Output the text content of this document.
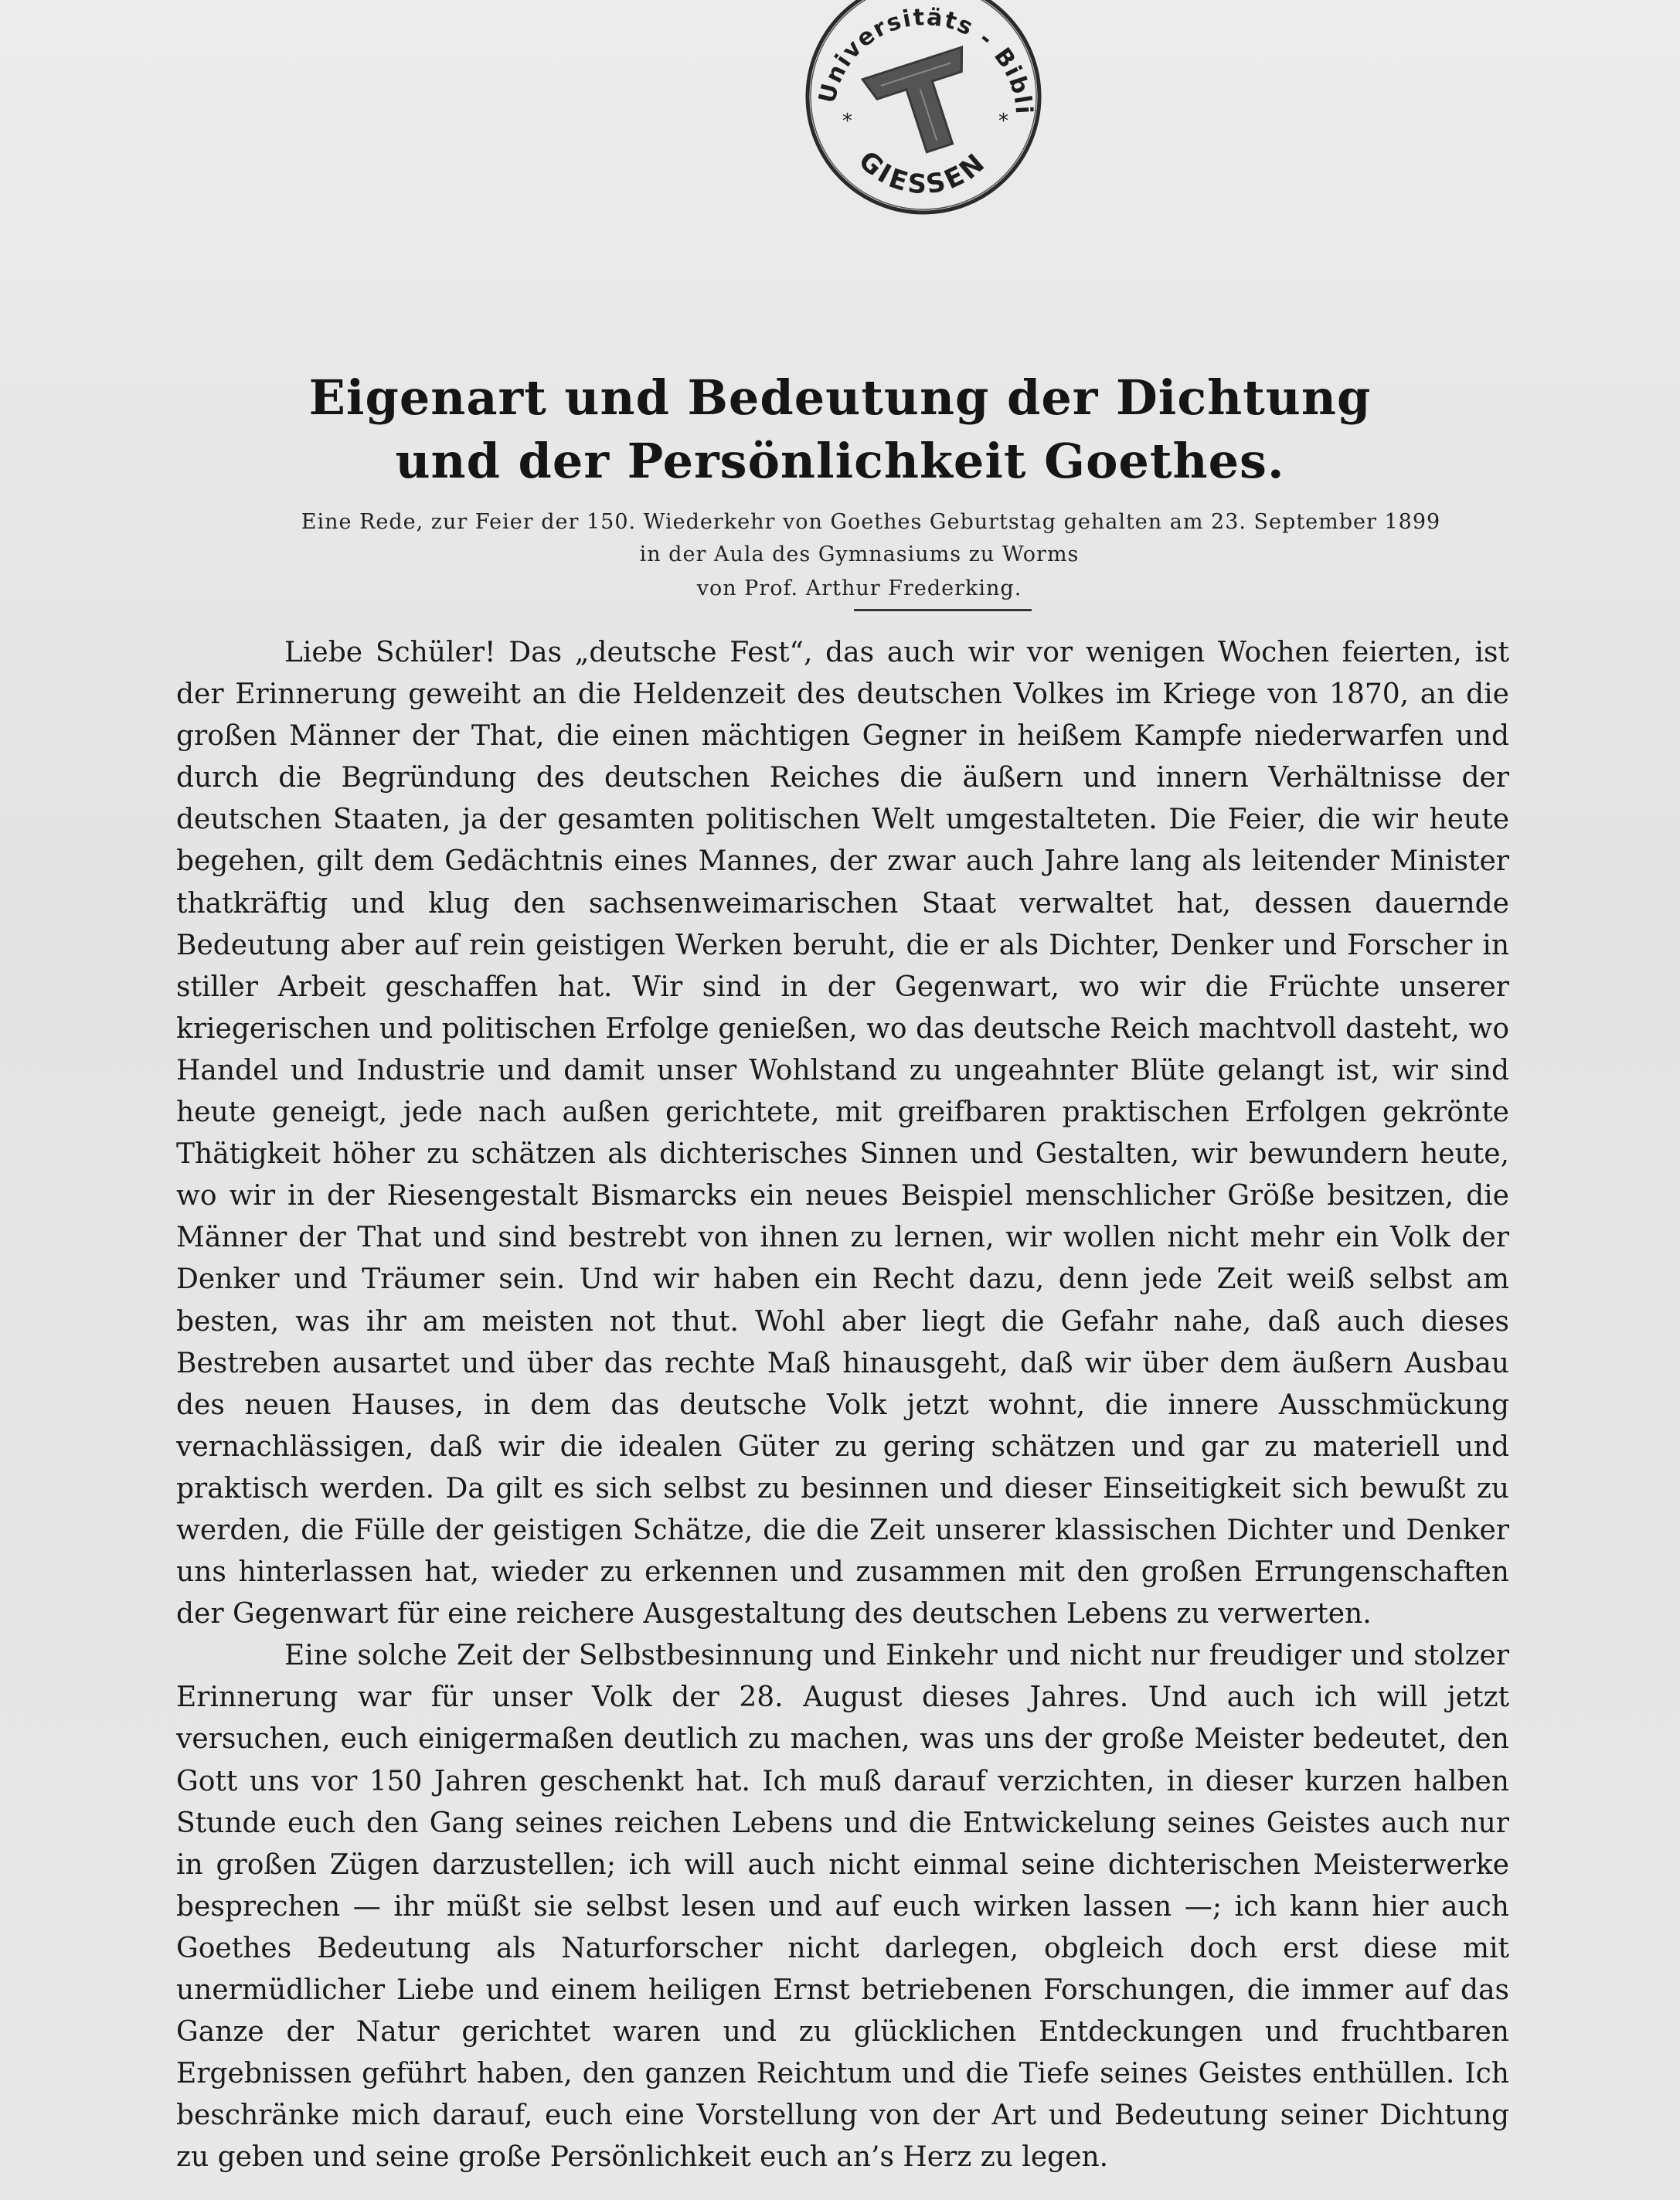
Universitäts - Bibli
GIESSEN
*	*
Eigenart und Bedeutung der Dichtung
und der Persönlichkeit Goethes.
Eine Rede, zur Feier der 150. Wiederkehr von Goethes Geburtstag gehalten am 23. September 1899
in der Aula des Gymnasiums zu Worms
von Prof. Arthur Frederking.

Liebe Schüler! Das „deutsche Fest“, das auch wir vor wenigen Wochen feierten, ist der Erinnerung geweiht an die Heldenzeit des deutschen Volkes im Kriege von 1870, an die großen Männer der That, die einen mächtigen Gegner in heißem Kampfe niederwarfen und durch die Begründung des deutschen Reiches die äußern und innern Verhältnisse der deutschen Staaten, ja der gesamten politischen Welt umgestalteten. Die Feier, die wir heute begehen, gilt dem Gedächtnis eines Mannes, der zwar auch Jahre lang als leitender Minister thatkräftig und klug den sachsenweimarischen Staat verwaltet hat, dessen dauernde Bedeutung aber auf rein geistigen Werken beruht, die er als Dichter, Denker und Forscher in stiller Arbeit geschaffen hat. Wir sind in der Gegenwart, wo wir die Früchte unserer kriegerischen und politischen Erfolge genießen, wo das deutsche Reich machtvoll dasteht, wo Handel und Industrie und damit unser Wohlstand zu ungeahnter Blüte gelangt ist, wir sind heute geneigt, jede nach außen gerichtete, mit greifbaren praktischen Erfolgen gekrönte Thätigkeit höher zu schätzen als dichterisches Sinnen und Gestalten, wir bewundern heute, wo wir in der Riesengestalt Bismarcks ein neues Beispiel menschlicher Größe besitzen, die Männer der That und sind bestrebt von ihnen zu lernen, wir wollen nicht mehr ein Volk der Denker und Träumer sein. Und wir haben ein Recht dazu, denn jede Zeit weiß selbst am besten, was ihr am meisten not thut. Wohl aber liegt die Gefahr nahe, daß auch dieses Bestreben ausartet und über das rechte Maß hinausgeht, daß wir über dem äußern Ausbau des neuen Hauses, in dem das deutsche Volk jetzt wohnt, die innere Ausschmückung vernachlässigen, daß wir die idealen Güter zu gering schätzen und gar zu materiell und praktisch werden. Da gilt es sich selbst zu besinnen und dieser Einseitigkeit sich bewußt zu werden, die Fülle der geistigen Schätze, die die Zeit unserer klassischen Dichter und Denker uns hinterlassen hat, wieder zu erkennen und zusammen mit den großen Errungenschaften der Gegenwart für eine reichere Ausgestaltung des deutschen Lebens zu verwerten.

Eine solche Zeit der Selbstbesinnung und Einkehr und nicht nur freudiger und stolzer Erinnerung war für unser Volk der 28. August dieses Jahres. Und auch ich will jetzt versuchen, euch einigermaßen deutlich zu machen, was uns der große Meister bedeutet, den Gott uns vor 150 Jahren geschenkt hat. Ich muß darauf verzichten, in dieser kurzen halben Stunde euch den Gang seines reichen Lebens und die Entwickelung seines Geistes auch nur in großen Zügen darzustellen; ich will auch nicht einmal seine dichterischen Meisterwerke besprechen — ihr müßt sie selbst lesen und auf euch wirken lassen —; ich kann hier auch Goethes Bedeutung als Naturforscher nicht darlegen, obgleich doch erst diese mit unermüdlicher Liebe und einem heiligen Ernst betriebenen Forschungen, die immer auf das Ganze der Natur gerichtet waren und zu glücklichen Entdeckungen und fruchtbaren Ergebnissen geführt haben, den ganzen Reichtum und die Tiefe seines Geistes enthüllen. Ich beschränke mich darauf, euch eine Vorstellung von der Art und Bedeutung seiner Dichtung zu geben und seine große Persönlichkeit euch an’s Herz zu legen.
